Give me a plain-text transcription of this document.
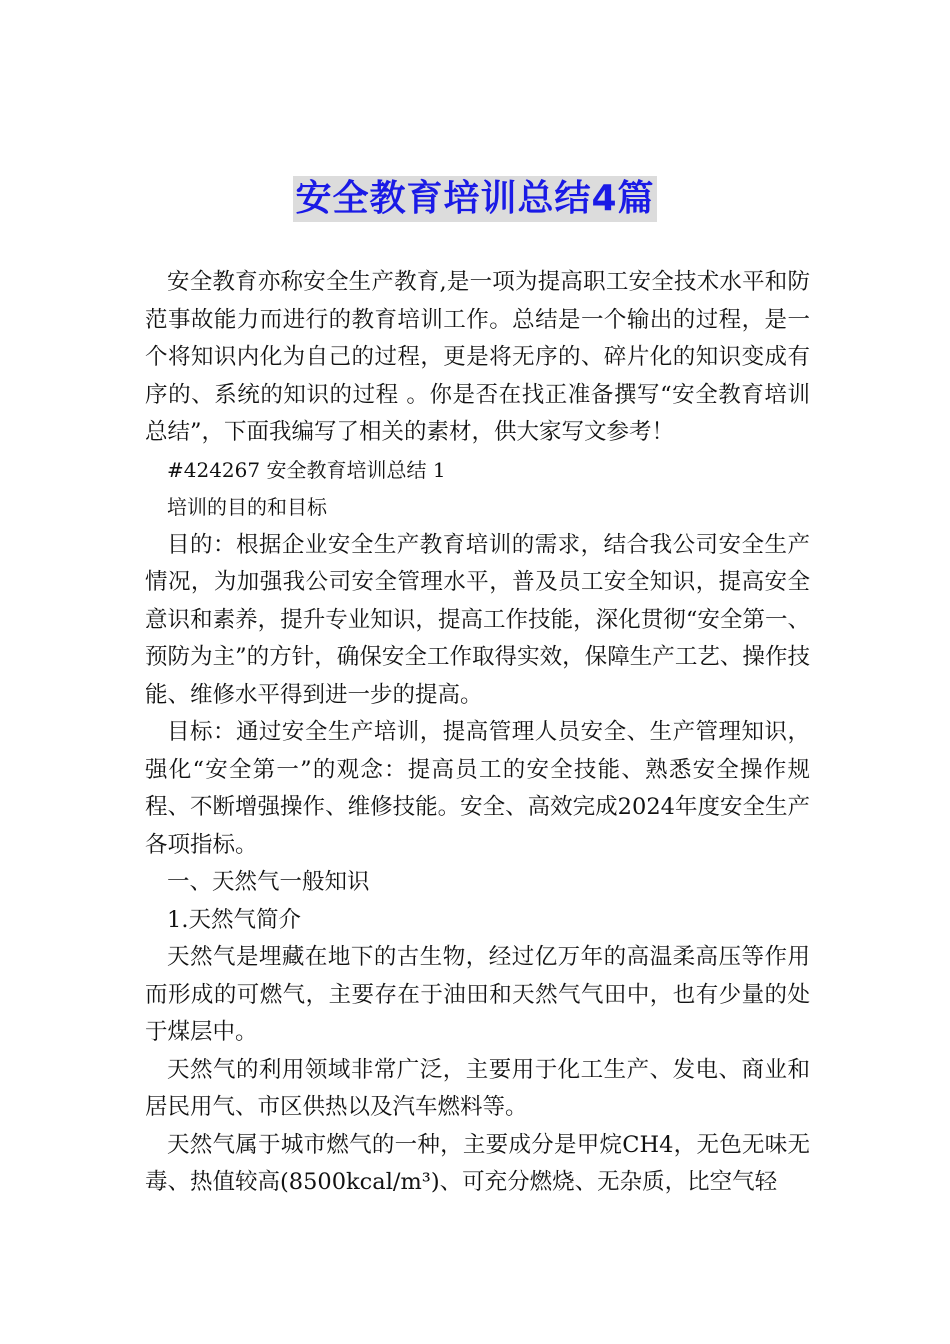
安全教育培训总结4篇

安全教育亦称安全生产教育,是一项为提高职工安全技术水平和防范事故能力而进行的教育培训工作。总结是一个输出的过程，是一个将知识内化为自己的过程，更是将无序的、碎片化的知识变成有序的、系统的知识的过程 。你是否在找正准备撰写“安全教育培训总结”，下面我编写了相关的素材，供大家写文参考！

#424267 安全教育培训总结 1

培训的目的和目标

目的：根据企业安全生产教育培训的需求，结合我公司安全生产情况，为加强我公司安全管理水平，普及员工安全知识，提高安全意识和素养，提升专业知识，提高工作技能，深化贯彻“安全第一、预防为主”的方针，确保安全工作取得实效，保障生产工艺、操作技能、维修水平得到进一步的提高。

目标：通过安全生产培训，提高管理人员安全、生产管理知识，强化“安全第一”的观念：提高员工的安全技能、熟悉安全操作规程、不断增强操作、维修技能。安全、高效完成2024年度安全生产各项指标。

一、天然气一般知识

1.天然气简介

天然气是埋藏在地下的古生物，经过亿万年的高温柔高压等作用而形成的可燃气，主要存在于油田和天然气气田中，也有少量的处于煤层中。

天然气的利用领域非常广泛，主要用于化工生产、发电、商业和居民用气、市区供热以及汽车燃料等。

天然气属于城市燃气的一种，主要成分是甲烷CH4，无色无味无毒、热值较高(8500kcal/m³)、可充分燃烧、无杂质，比空气轻
